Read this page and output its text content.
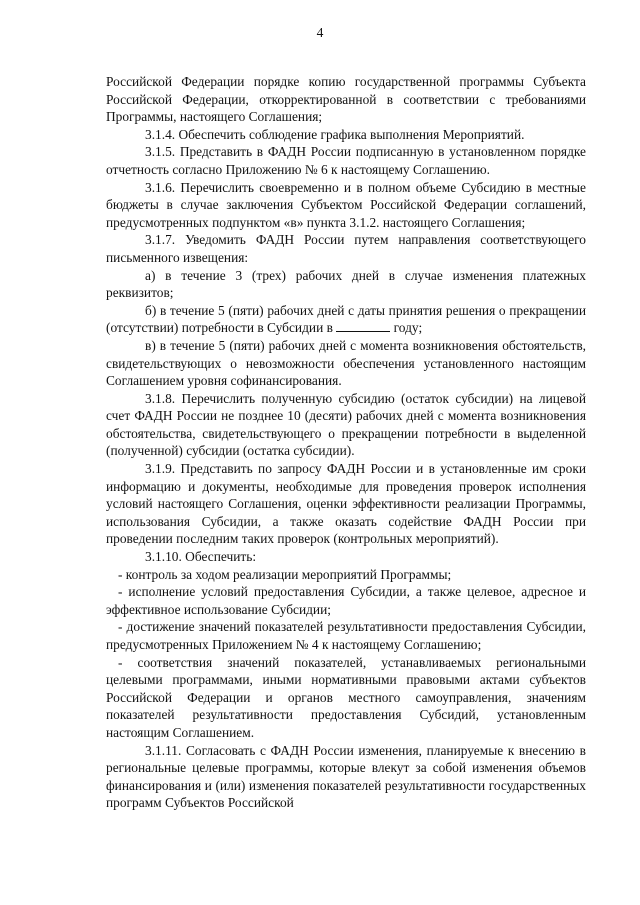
4

Российской Федерации порядке копию государственной программы Субъекта Российской Федерации, откорректированной в соответствии с требованиями Программы, настоящего Соглашения;

3.1.4. Обеспечить соблюдение графика выполнения Мероприятий.

3.1.5. Представить в ФАДН России подписанную в установленном порядке отчетность согласно Приложению № 6 к настоящему Соглашению.

3.1.6. Перечислить своевременно и в полном объеме Субсидию в местные бюджеты в случае заключения Субъектом Российской Федерации соглашений, предусмотренных подпунктом «в» пункта 3.1.2. настоящего Соглашения;

3.1.7. Уведомить ФАДН России путем направления соответствующего письменного извещения:

а) в течение 3 (трех) рабочих дней в случае изменения платежных реквизитов;

б) в течение 5 (пяти) рабочих дней с даты принятия решения о прекращении (отсутствии) потребности в Субсидии в	году;

в) в течение 5 (пяти) рабочих дней с момента возникновения обстоятельств, свидетельствующих о невозможности обеспечения установленного настоящим Соглашением уровня софинансирования.

3.1.8. Перечислить полученную субсидию (остаток субсидии) на лицевой счет ФАДН России не позднее 10 (десяти) рабочих дней с момента возникновения обстоятельства, свидетельствующего о прекращении потребности в выделенной (полученной) субсидии (остатка субсидии).

3.1.9. Представить по запросу ФАДН России и в установленные им сроки информацию и документы, необходимые для проведения проверок исполнения условий настоящего Соглашения, оценки эффективности реализации Программы, использования Субсидии, а также оказать содействие ФАДН России при проведении последним таких проверок (контрольных мероприятий).

3.1.10. Обеспечить:

- контроль за ходом реализации мероприятий Программы;

- исполнение условий предоставления Субсидии, а также целевое, адресное и эффективное использование Субсидии;

- достижение значений показателей результативности предоставления Субсидии, предусмотренных Приложением № 4 к настоящему Соглашению;

- соответствия значений показателей, устанавливаемых региональными целевыми программами, иными нормативными правовыми актами субъектов Российской Федерации и органов местного самоуправления, значениям показателей результативности предоставления Субсидий, установленным настоящим Соглашением.

3.1.11. Согласовать с ФАДН России изменения, планируемые к внесению в региональные целевые программы, которые влекут за собой изменения объемов финансирования и (или) изменения показателей результативности государственных программ Субъектов Российской
